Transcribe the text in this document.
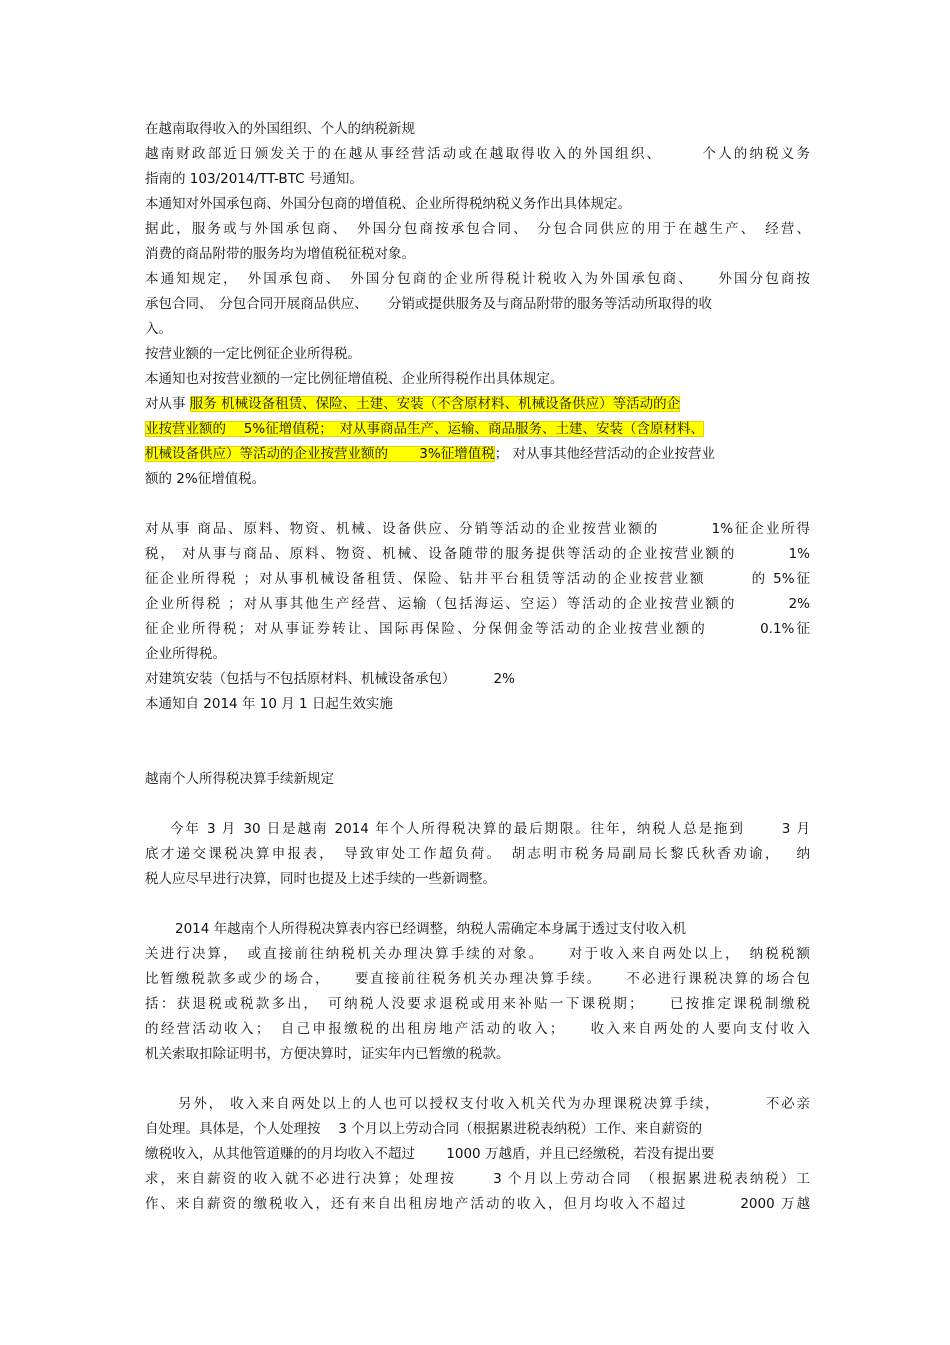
在越南取得收入的外国组织、个人的纳税新规
越南财政部近日颁发关于的在越从事经营活动或在越取得收入的外国组织、　　　个人的纳税义务
指南的 103/2014/TT-BTC 号通知。
本通知对外国承包商、外国分包商的增值税、企业所得税纳税义务作出具体规定。
据此，服务或与外国承包商、　外国分包商按承包合同、　分包合同供应的用于在越生产、　经营、
消费的商品附带的服务均为增值税征税对象。
本通知规定，　外国承包商、　外国分包商的企业所得税计税收入为外国承包商、　　外国分包商按
承包合同、　分包合同开展商品供应、　　分销或提供服务及与商品附带的服务等活动所取得的收
入。
按营业额的一定比例征企业所得税。
本通知也对按营业额的一定比例征增值税、企业所得税作出具体规定。
对从事 服务 机械设备租赁、保险、土建、安装（不含原材料、机械设备供应）等活动的企
业按营业额的　 5%征增值税；　对从事商品生产、运输、商品服务、土建、安装（含原材料、
机械设备供应）等活动的企业按营业额的　　 3%征增值税； 对从事其他经营活动的企业按营业
额的 2%征增值税。
对从事 商品、原料、物资、机械、设备供应、分销等活动的企业按营业额的　　　 1%征企业所得
税， 对从事与商品、原料、物资、机械、设备随带的服务提供等活动的企业按营业额的　　　 1%
征企业所得税 ；对从事机械设备租赁、保险、钻井平台租赁等活动的企业按营业额　　　的 5%征
企业所得税 ；对从事其他生产经营、运输（包括海运、空运）等活动的企业按营业额的　　　 2%
征企业所得税；对从事证券转让、国际再保险、分保佣金等活动的企业按营业额的　　　 0.1%征
企业所得税。
对建筑安装（包括与不包括原材料、机械设备承包）　　　 2%
本通知自 2014 年 10 月 1 日起生效实施
越南个人所得税决算手续新规定
今年 3 月 30 日是越南 2014 年个人所得税决算的最后期限。往年，纳税人总是拖到　　 3 月
底才递交课税决算申报表，　导致审处工作超负荷。　胡志明市税务局副局长黎氏秋香劝谕，　 纳
税人应尽早进行决算，同时也提及上述手续的一些新调整。
2014 年越南个人所得税决算表内容已经调整，纳税人需确定本身属于透过支付收入机
关进行决算，　或直接前往纳税机关办理决算手续的对象。　　对于收入来自两处以上，　纳税税额
比暂缴税款多或少的场合，　　要直接前往税务机关办理决算手续。　　不必进行课税决算的场合包
括：获退税或税款多出，　可纳税人没要求退税或用来补贴一下课税期；　　已按推定课税制缴税
的经营活动收入；　自己申报缴税的出租房地产活动的收入；　　收入来自两处的人要向支付收入
机关索取扣除证明书，方便决算时，证实年内已暂缴的税款。
另外， 收入来自两处以上的人也可以授权支付收入机关代为办理课税决算手续，　　　 不必亲
自处理。具体是，个人处理按　 3 个月以上劳动合同（根据累进税表纳税）工作、来自薪资的
缴税收入，从其他管道赚的的月均收入不超过　　 1000 万越盾，并且已经缴税，若没有提出要
求，来自薪资的收入就不必进行决算；处理按　　 3 个月以上劳动合同　（根据累进税表纳税）工
作、来自薪资的缴税收入，还有来自出租房地产活动的收入，但月均收入不超过　　　 2000 万越
